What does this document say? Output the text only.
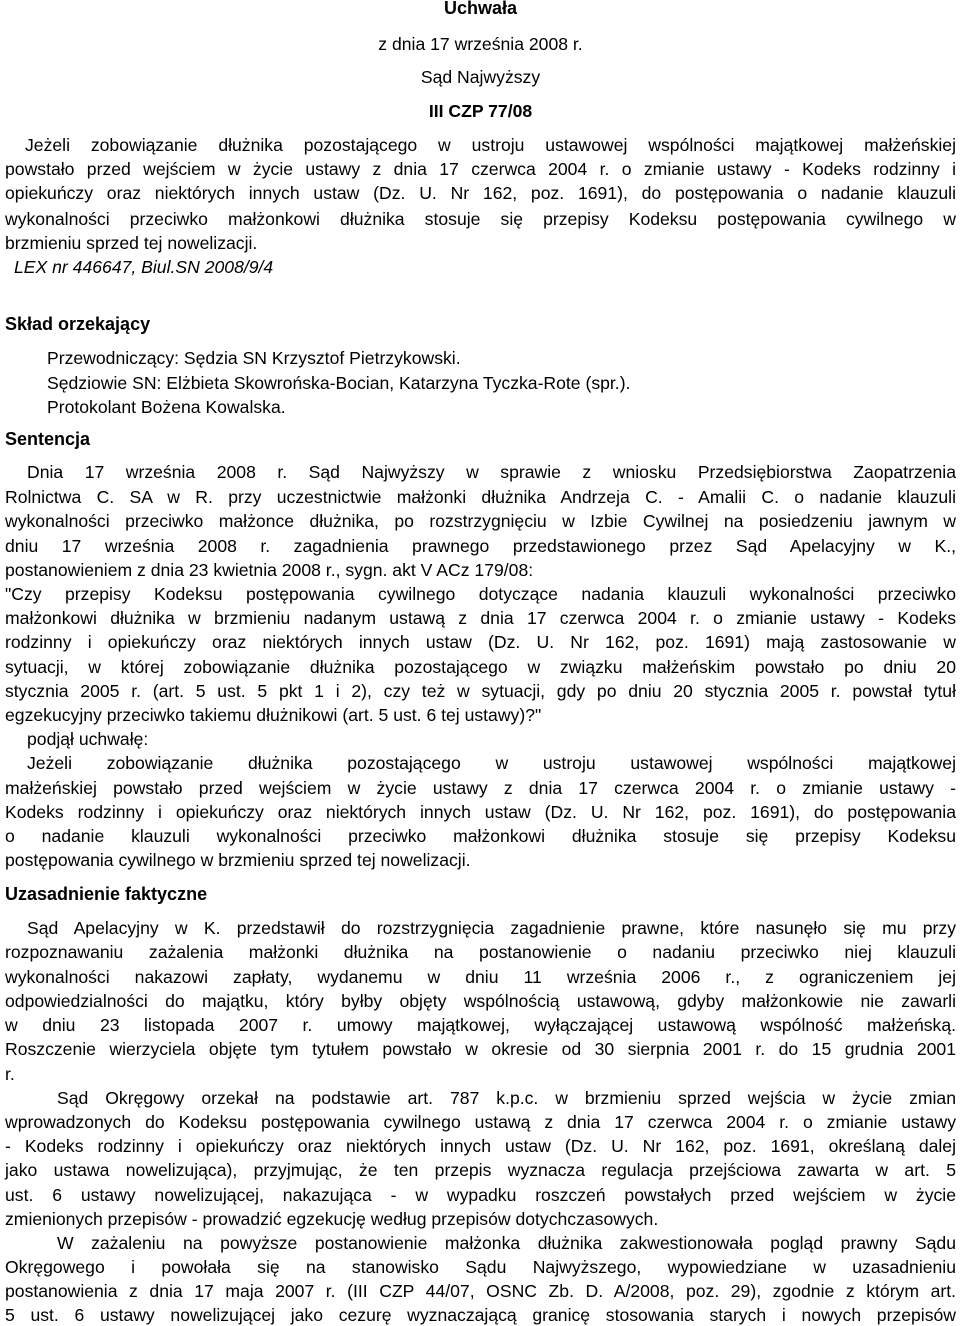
Uchwała
z dnia 17 września 2008 r.
Sąd Najwyższy
III CZP 77/08
Jeżeli zobowiązanie dłużnika pozostającego w ustroju ustawowej wspólności majątkowej małżeńskiej
powstało przed wejściem w życie ustawy z dnia 17 czerwca 2004 r. o zmianie ustawy - Kodeks rodzinny i
opiekuńczy oraz niektórych innych ustaw (Dz. U. Nr 162, poz. 1691), do postępowania o nadanie klauzuli
wykonalności przeciwko małżonkowi dłużnika stosuje się przepisy Kodeksu postępowania cywilnego w
brzmieniu sprzed tej nowelizacji.
LEX nr 446647, Biul.SN 2008/9/4
Skład orzekający
Przewodniczący: Sędzia SN Krzysztof Pietrzykowski.
Sędziowie SN: Elżbieta Skowrońska-Bocian, Katarzyna Tyczka-Rote (spr.).
Protokolant Bożena Kowalska.
Sentencja
Dnia 17 września 2008 r. Sąd Najwyższy w sprawie z wniosku Przedsiębiorstwa Zaopatrzenia
Rolnictwa C. SA w R. przy uczestnictwie małżonki dłużnika Andrzeja C. - Amalii C. o nadanie klauzuli
wykonalności przeciwko małżonce dłużnika, po rozstrzygnięciu w Izbie Cywilnej na posiedzeniu jawnym w
dniu 17 września 2008 r. zagadnienia prawnego przedstawionego przez Sąd Apelacyjny w K.,
postanowieniem z dnia 23 kwietnia 2008 r., sygn. akt V ACz 179/08:
"Czy przepisy Kodeksu postępowania cywilnego dotyczące nadania klauzuli wykonalności przeciwko
małżonkowi dłużnika w brzmieniu nadanym ustawą z dnia 17 czerwca 2004 r. o zmianie ustawy - Kodeks
rodzinny i opiekuńczy oraz niektórych innych ustaw (Dz. U. Nr 162, poz. 1691) mają zastosowanie w
sytuacji, w której zobowiązanie dłużnika pozostającego w związku małżeńskim powstało po dniu 20
stycznia 2005 r. (art. 5 ust. 5 pkt 1 i 2), czy też w sytuacji, gdy po dniu 20 stycznia 2005 r. powstał tytuł
egzekucyjny przeciwko takiemu dłużnikowi (art. 5 ust. 6 tej ustawy)?"
podjął uchwałę:
Jeżeli zobowiązanie dłużnika pozostającego w ustroju ustawowej wspólności majątkowej
małżeńskiej powstało przed wejściem w życie ustawy z dnia 17 czerwca 2004 r. o zmianie ustawy -
Kodeks rodzinny i opiekuńczy oraz niektórych innych ustaw (Dz. U. Nr 162, poz. 1691), do postępowania
o nadanie klauzuli wykonalności przeciwko małżonkowi dłużnika stosuje się przepisy Kodeksu
postępowania cywilnego w brzmieniu sprzed tej nowelizacji.
Uzasadnienie faktyczne
Sąd Apelacyjny w K. przedstawił do rozstrzygnięcia zagadnienie prawne, które nasunęło się mu przy
rozpoznawaniu zażalenia małżonki dłużnika na postanowienie o nadaniu przeciwko niej klauzuli
wykonalności nakazowi zapłaty, wydanemu w dniu 11 września 2006 r., z ograniczeniem jej
odpowiedzialności do majątku, który byłby objęty wspólnością ustawową, gdyby małżonkowie nie zawarli
w dniu 23 listopada 2007 r. umowy majątkowej, wyłączającej ustawową wspólność małżeńską.
Roszczenie wierzyciela objęte tym tytułem powstało w okresie od 30 sierpnia 2001 r. do 15 grudnia 2001
r.
Sąd Okręgowy orzekał na podstawie art. 787 k.p.c. w brzmieniu sprzed wejścia w życie zmian
wprowadzonych do Kodeksu postępowania cywilnego ustawą z dnia 17 czerwca 2004 r. o zmianie ustawy
- Kodeks rodzinny i opiekuńczy oraz niektórych innych ustaw (Dz. U. Nr 162, poz. 1691, określaną dalej
jako ustawa nowelizująca), przyjmując, że ten przepis wyznacza regulacja przejściowa zawarta w art. 5
ust. 6 ustawy nowelizującej, nakazująca - w wypadku roszczeń powstałych przed wejściem w życie
zmienionych przepisów - prowadzić egzekucję według przepisów dotychczasowych.
W zażaleniu na powyższe postanowienie małżonka dłużnika zakwestionowała pogląd prawny Sądu
Okręgowego i powołała się na stanowisko Sądu Najwyższego, wypowiedziane w uzasadnieniu
postanowienia z dnia 17 maja 2007 r. (III CZP 44/07, OSNC Zb. D. A/2008, poz. 29), zgodnie z którym art.
5 ust. 6 ustawy nowelizującej jako cezurę wyznaczającą granicę stosowania starych i nowych przepisów
